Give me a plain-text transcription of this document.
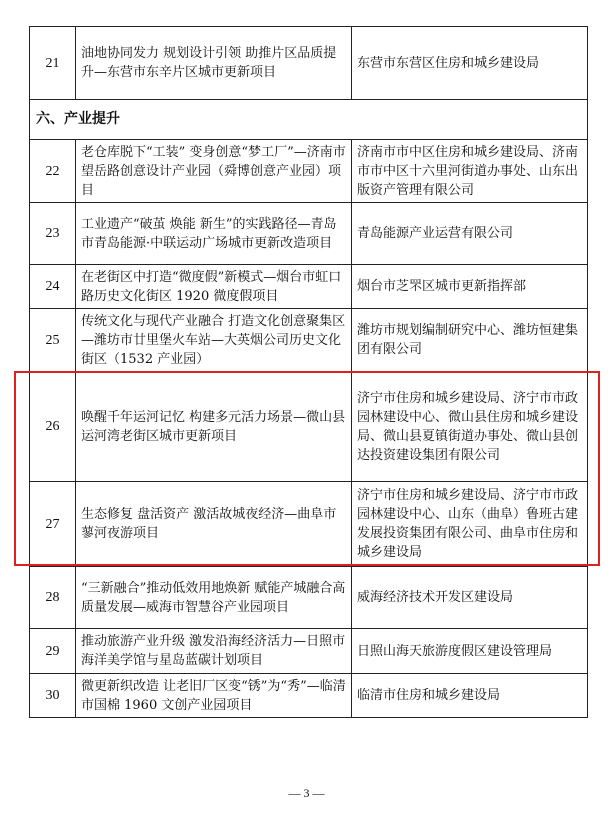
21	油地协同发力 规划设计引领 助推片区品质提升—东营市东辛片区城市更新项目	东营市东营区住房和城乡建设局
六、产业提升		
22	老仓库脱下“工装” 变身创意“梦工厂”—济南市望岳路创意设计产业园（舜博创意产业园）项目	济南市市中区住房和城乡建设局、济南市市中区十六里河街道办事处、山东出版资产管理有限公司
23	工业遗产“破茧 焕能 新生”的实践路径—青岛市青岛能源·中联运动广场城市更新改造项目	青岛能源产业运营有限公司
24	在老街区中打造“微度假”新模式—烟台市虹口路历史文化街区 1920 微度假项目	烟台市芝罘区城市更新指挥部
25	传统文化与现代产业融合 打造文化创意聚集区—潍坊市廿里堡火车站—大英烟公司历史文化街区（1532 产业园）	潍坊市规划编制研究中心、潍坊恒建集团有限公司
26	唤醒千年运河记忆 构建多元活力场景—微山县运河湾老街区城市更新项目	济宁市住房和城乡建设局、济宁市市政园林建设中心、微山县住房和城乡建设局、微山县夏镇街道办事处、微山县创达投资建设集团有限公司
27	生态修复 盘活资产 激活故城夜经济—曲阜市蓼河夜游项目	济宁市住房和城乡建设局、济宁市市政园林建设中心、山东（曲阜）鲁班古建发展投资集团有限公司、曲阜市住房和城乡建设局
28	“三新融合”推动低效用地焕新 赋能产城融合高质量发展—威海市智慧谷产业园项目	威海经济技术开发区建设局
29	推动旅游产业升级 激发沿海经济活力—日照市海洋美学馆与星岛蓝碳计划项目	日照山海天旅游度假区建设管理局
30	微更新织改造 让老旧厂区变“锈”为“秀”—临清市国棉 1960 文创产业园项目	临清市住房和城乡建设局
— 3 —
